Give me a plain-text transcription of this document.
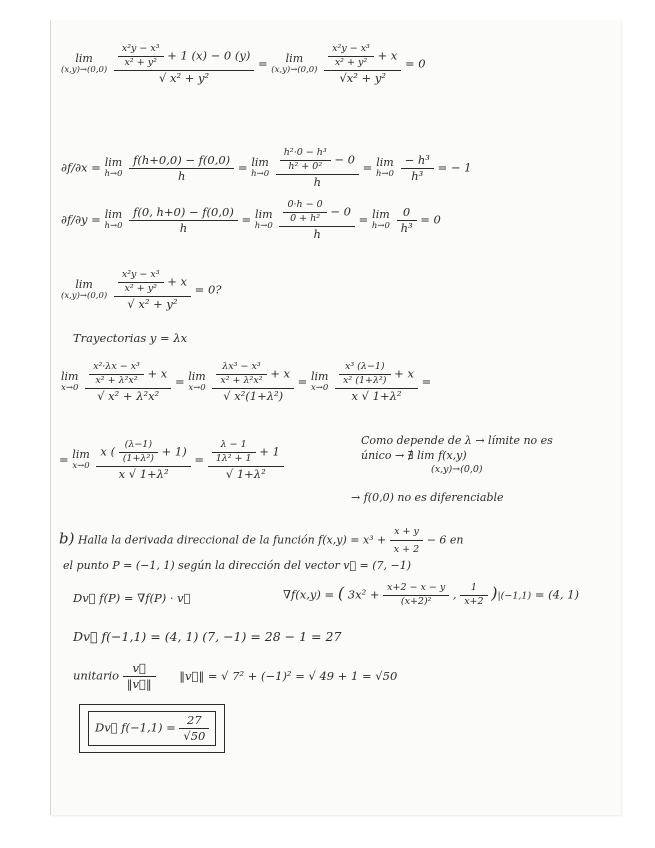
lim
(x,y)→(0,0)
$\frac{\frac{\text{x²y − x³}}{\text{x² + y²}} + 1 (x) - 0 (y)}{\text{√ x² + y²}}$ =	lim
(x,y)→(0,0)
$\frac{\frac{\text{x²y − x³}}{\text{x² + y²}} + x}{\text{√x² + y²}} = 0$
∂f/∂x = lim
h→0
$\frac{f(h+0,0) - f(0,0)}{h} = \lim$
h→0
$\frac{\frac{\text{h²·0 − h³}}{\text{h² + 0²}} - 0}{h} = \lim$
h→0
$\frac{\text{− h³}}{\text{h³}}$ = − 1
∂f/∂y = lim
h→0
$\frac{f(0, h+0) - f(0,0)}{h} = \lim$
h→0
$\frac{\frac{0\cdot h - 0}{\text{0 + h²}} - 0}{h} = \lim$
h→0
$\frac{0}{\text{h³}} = 0$
lim
(x,y)→(0,0)
$\frac{\frac{\text{x²y − x³}}{\text{x² + y²}} + x}{\text{√ x² + y²}} = 0$?
Trayectorias y = λx
lim
x→0
$\frac{\frac{\text{x²·λx − x³}}{\text{x² + λ²x²}} + x}{\text{√ x² + λ²x²}} = \lim$
x→0
$\frac{\frac{\text{λx³ − x³}}{\text{x² + λ²x²}} + x}{\text{√ x²(1+λ²)}} = \lim$
x→0
$\frac{\frac{\text{x³ (λ−1)}}{\text{x² (1+λ²)}} + x}{\text{x √ 1+λ²}}$ =
= lim
x→0
$\frac{x ( \frac{(\lambda-1)}{\text{(1+λ²)}} + 1)}{\text{x √ 1+λ²}} = \frac{\frac{\lambda - 1}{\text{1λ² + 1}} + 1}{\text{√ 1+λ²}}$	Como depende de λ → límite no es
único → ∄ lim f(x,y)
(x,y)→(0,0)
→ f(0,0) no es diferenciable
b) Halla la derivada direccional de la función $f(x,y) = x^3 + \frac{x + y}{x + 2} - 6$ en
el punto P = (−1, 1) según la dirección del vector v⃗ = (7, −1)
Dv⃗ f(P) = ∇f(P) · v⃗	∇f(x,y) = ( $3x^2 + \frac{x+2 - x - y}{\text{(x+2)²}}$ , $\frac{1}{x+2} )|(-1,1) = (4$, 1)
Dv⃗ f(−1,1) = (4, 1) (7, −1) = 28 − 1 = 27
unitario $\frac{v⃗}{‖v⃗‖}$ ‖v⃗‖ = √ 7² + (−1)² = √ 49 + 1 = √50
Dv⃗ $f(-1,1) = \frac{27}{√50}$
